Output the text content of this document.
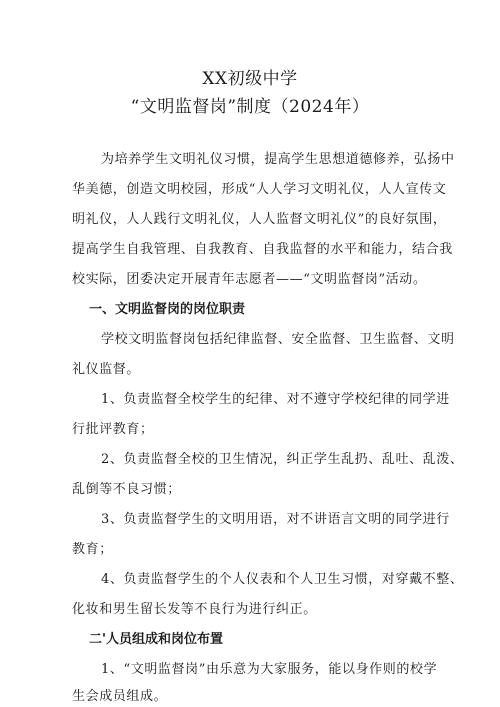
XX初级中学
“文明监督岗”制度（2024年）
为培养学生文明礼仪习惯，提高学生思想道德修养，弘扬中
华美德，创造文明校园，形成“人人学习文明礼仪，人人宣传文
明礼仪，人人践行文明礼仪，人人监督文明礼仪”的良好氛围，
提高学生自我管理、自我教育、自我监督的水平和能力，结合我
校实际，团委决定开展青年志愿者——“文明监督岗”活动。
一、文明监督岗的岗位职责
学校文明监督岗包括纪律监督、安全监督、卫生监督、文明
礼仪监督。
1、负责监督全校学生的纪律、对不遵守学校纪律的同学进
行批评教育；
2、负责监督全校的卫生情况，纠正学生乱扔、乱吐、乱泼、
乱倒等不良习惯；
3、负责监督学生的文明用语，对不讲语言文明的同学进行
教育；
4、负责监督学生的个人仪表和个人卫生习惯，对穿戴不整、
化妆和男生留长发等不良行为进行纠正。
二'人员组成和岗位布置
1、“文明监督岗”由乐意为大家服务，能以身作则的校学
生会成员组成。
